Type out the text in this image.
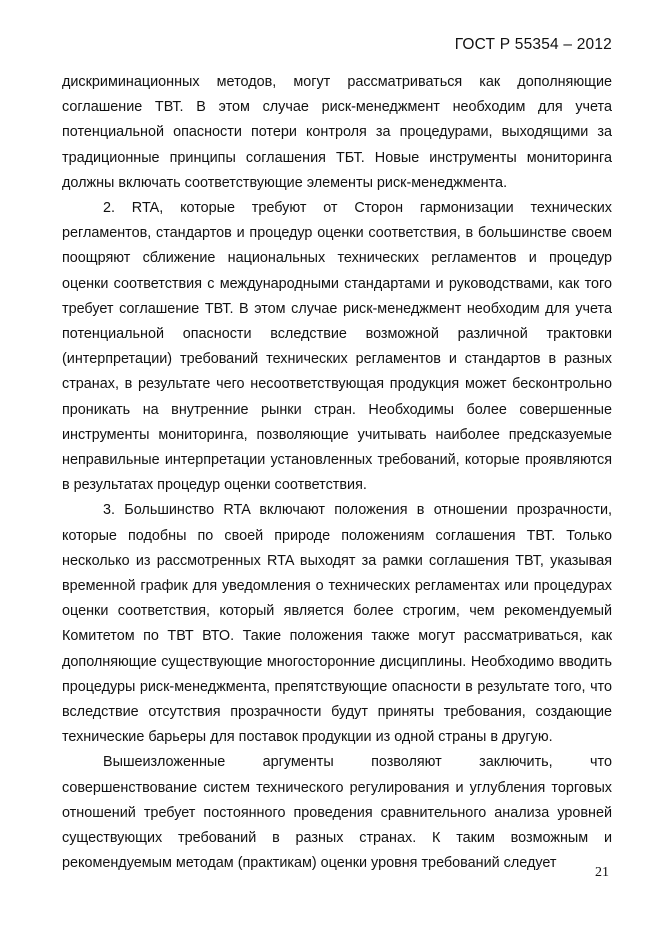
ГОСТ Р 55354 – 2012

дискриминационных методов, могут рассматриваться как дополняющие соглашение ТВТ. В этом случае риск-менеджмент необходим для учета потенциальной опасности потери контроля за процедурами, выходящими за традиционные принципы соглашения ТБТ. Новые инструменты мониторинга должны включать соответствующие элементы риск-менеджмента.

2. RTA, которые требуют от Сторон гармонизации технических регламентов, стандартов и процедур оценки соответствия, в большинстве своем поощряют сближение национальных технических регламентов и процедур оценки соответствия с международными стандартами и руководствами, как того требует соглашение ТВТ. В этом случае риск-менеджмент необходим для учета потенциальной опасности вследствие возможной различной трактовки (интерпретации) требований технических регламентов и стандартов в разных странах, в результате чего несоответствующая продукция может бесконтрольно проникать на внутренние рынки стран. Необходимы более совершенные инструменты мониторинга, позволяющие учитывать наиболее предсказуемые неправильные интерпретации установленных требований, которые проявляются в результатах процедур оценки соответствия.

3. Большинство RTA включают положения в отношении прозрачности, которые подобны по своей природе положениям соглашения ТВТ. Только несколько из рассмотренных RTA выходят за рамки соглашения ТВТ, указывая временной график для уведомления о технических регламентах или процедурах оценки соответствия, который является более строгим, чем рекомендуемый Комитетом по ТВТ ВТО. Такие положения также могут рассматриваться, как дополняющие существующие многосторонние дисциплины. Необходимо вводить процедуры риск-менеджмента, препятствующие опасности в результате того, что вследствие отсутствия прозрачности будут приняты требования, создающие технические барьеры для поставок продукции из одной страны в другую.

Вышеизложенные аргументы позволяют заключить, что совершенствование систем технического регулирования и углубления торговых отношений требует постоянного проведения сравнительного анализа уровней существующих требований в разных странах. К таким возможным и рекомендуемым методам (практикам) оценки уровня требований следует

21
